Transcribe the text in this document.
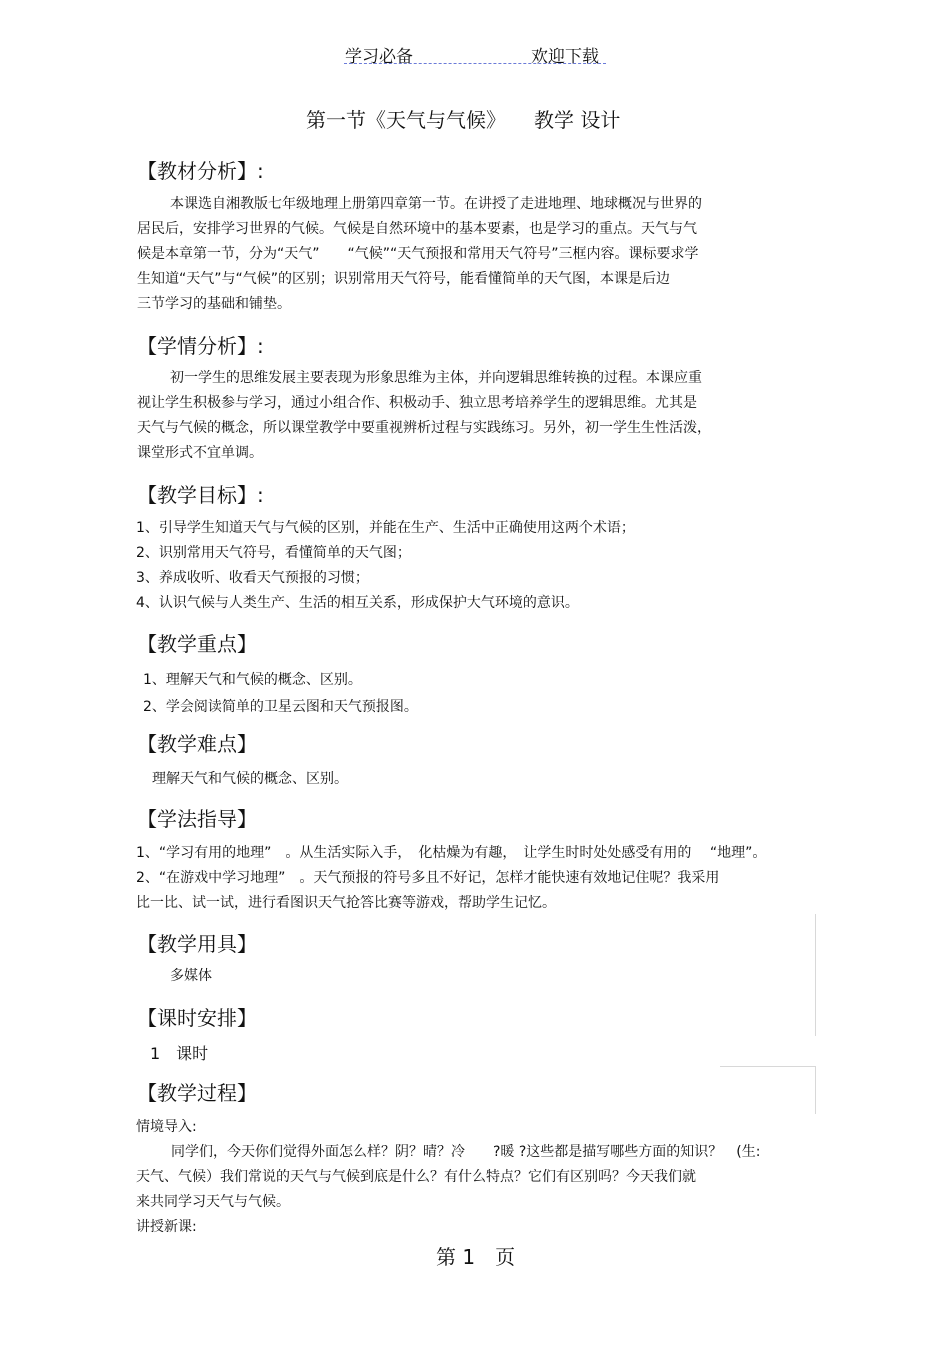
学习必备	欢迎下载
第一节《天气与气候》 教学 设计
【教材分析】:
本课选自湘教版七年级地理上册第四章第一节。在讲授了走进地理、地球概况与世界的
居民后，安排学习世界的气候。气候是自然环境中的基本要素，也是学习的重点。天气与气
候是本章第一节，分为“天气”　　“气候”“天气预报和常用天气符号”三框内容。课标要求学
生知道“天气”与“气候”的区别；识别常用天气符号，能看懂简单的天气图，本课是后边
三节学习的基础和铺垫。
【学情分析】:
初一学生的思维发展主要表现为形象思维为主体，并向逻辑思维转换的过程。本课应重
视让学生积极参与学习，通过小组合作、积极动手、独立思考培养学生的逻辑思维。尤其是
天气与气候的概念，所以课堂教学中要重视辨析过程与实践练习。另外，初一学生生性活泼，
课堂形式不宜单调。
【教学目标】:
1、引导学生知道天气与气候的区别，并能在生产、生活中正确使用这两个术语；
2、识别常用天气符号，看懂简单的天气图；
3、养成收听、收看天气预报的习惯；
4、认识气候与人类生产、生活的相互关系，形成保护大气环境的意识。
【教学重点】
1、理解天气和气候的概念、区别。
2、学会阅读简单的卫星云图和天气预报图。
【教学难点】
理解天气和气候的概念、区别。
【学法指导】
1、“学习有用的地理”　。从生活实际入手，　化枯燥为有趣，　让学生时时处处感受有用的　 “地理”。
2、“在游戏中学习地理”　。天气预报的符号多且不好记，怎样才能快速有效地记住呢？我采用
比一比、试一试，进行看图识天气抢答比赛等游戏，帮助学生记忆。
【教学用具】
多媒体
【课时安排】
1　课时
【教学过程】
情境导入:
同学们，今天你们觉得外面怎么样？阴？晴？冷　　?暖 ?这些都是描写哪些方面的知识？　(生:
天气、气候）我们常说的天气与气候到底是什么？有什么特点？它们有区别吗？今天我们就
来共同学习天气与气候。
讲授新课:
第 1　页
